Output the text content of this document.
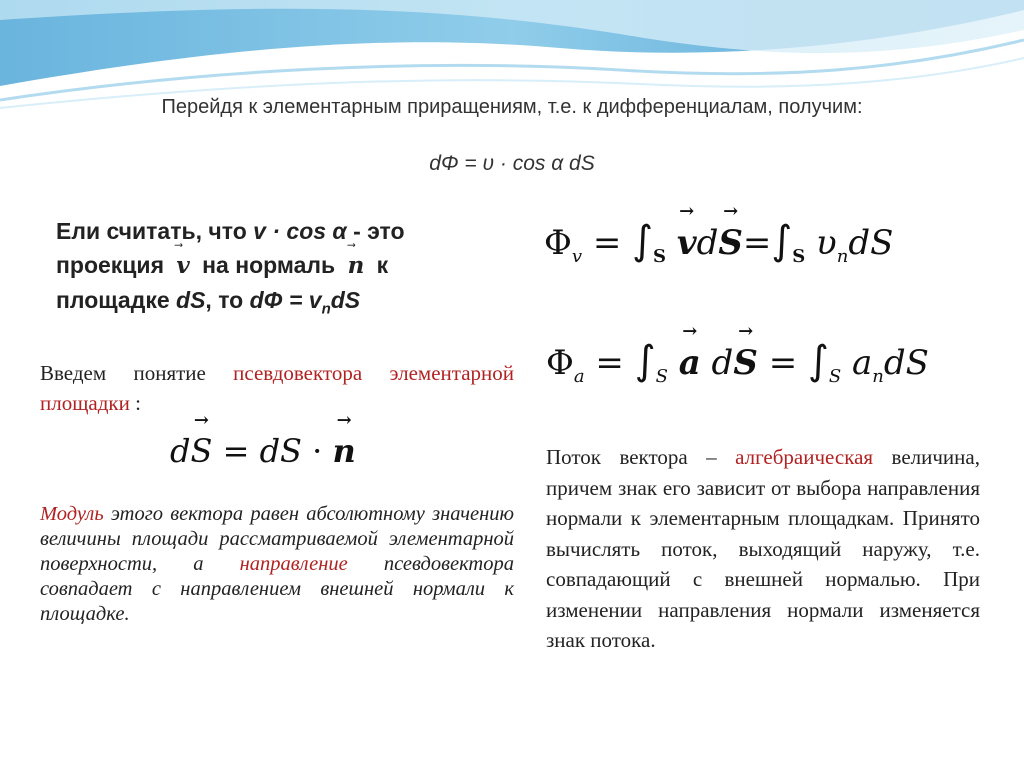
Перейдя к элементарным приращениям, т.е. к дифференциалам, получим:
dΦ = υ · cos α dS
Ели считать, что v · cos α - это
проекция ⃗ v на нормаль ⃗ n к
площадке dS, то $d\Phi = v_ndS$
$\Phi_v = \int_S \to vd\to S=\int_S$ $\upsilon_ndS$
$\Phi_a = \int_S \to a$ $d\to S = \int_S$ $a_ndS$
Введем понятие псевдовектора элементарной площадки :
d→ S = dS · → n
Модуль этого вектора равен абсолютному значению величины площади рассматриваемой элементарной поверхности, а направление псевдовектора совпадает с направлением внешней нормали к площадке.
Поток вектора – алгебраическая величина, причем знак его зависит от выбора направления нормали к элементарным площадкам. Принято вычислять поток, выходящий наружу, т.е. совпадающий с внешней нормалью. При изменении направления нормали изменяется знак потока.
